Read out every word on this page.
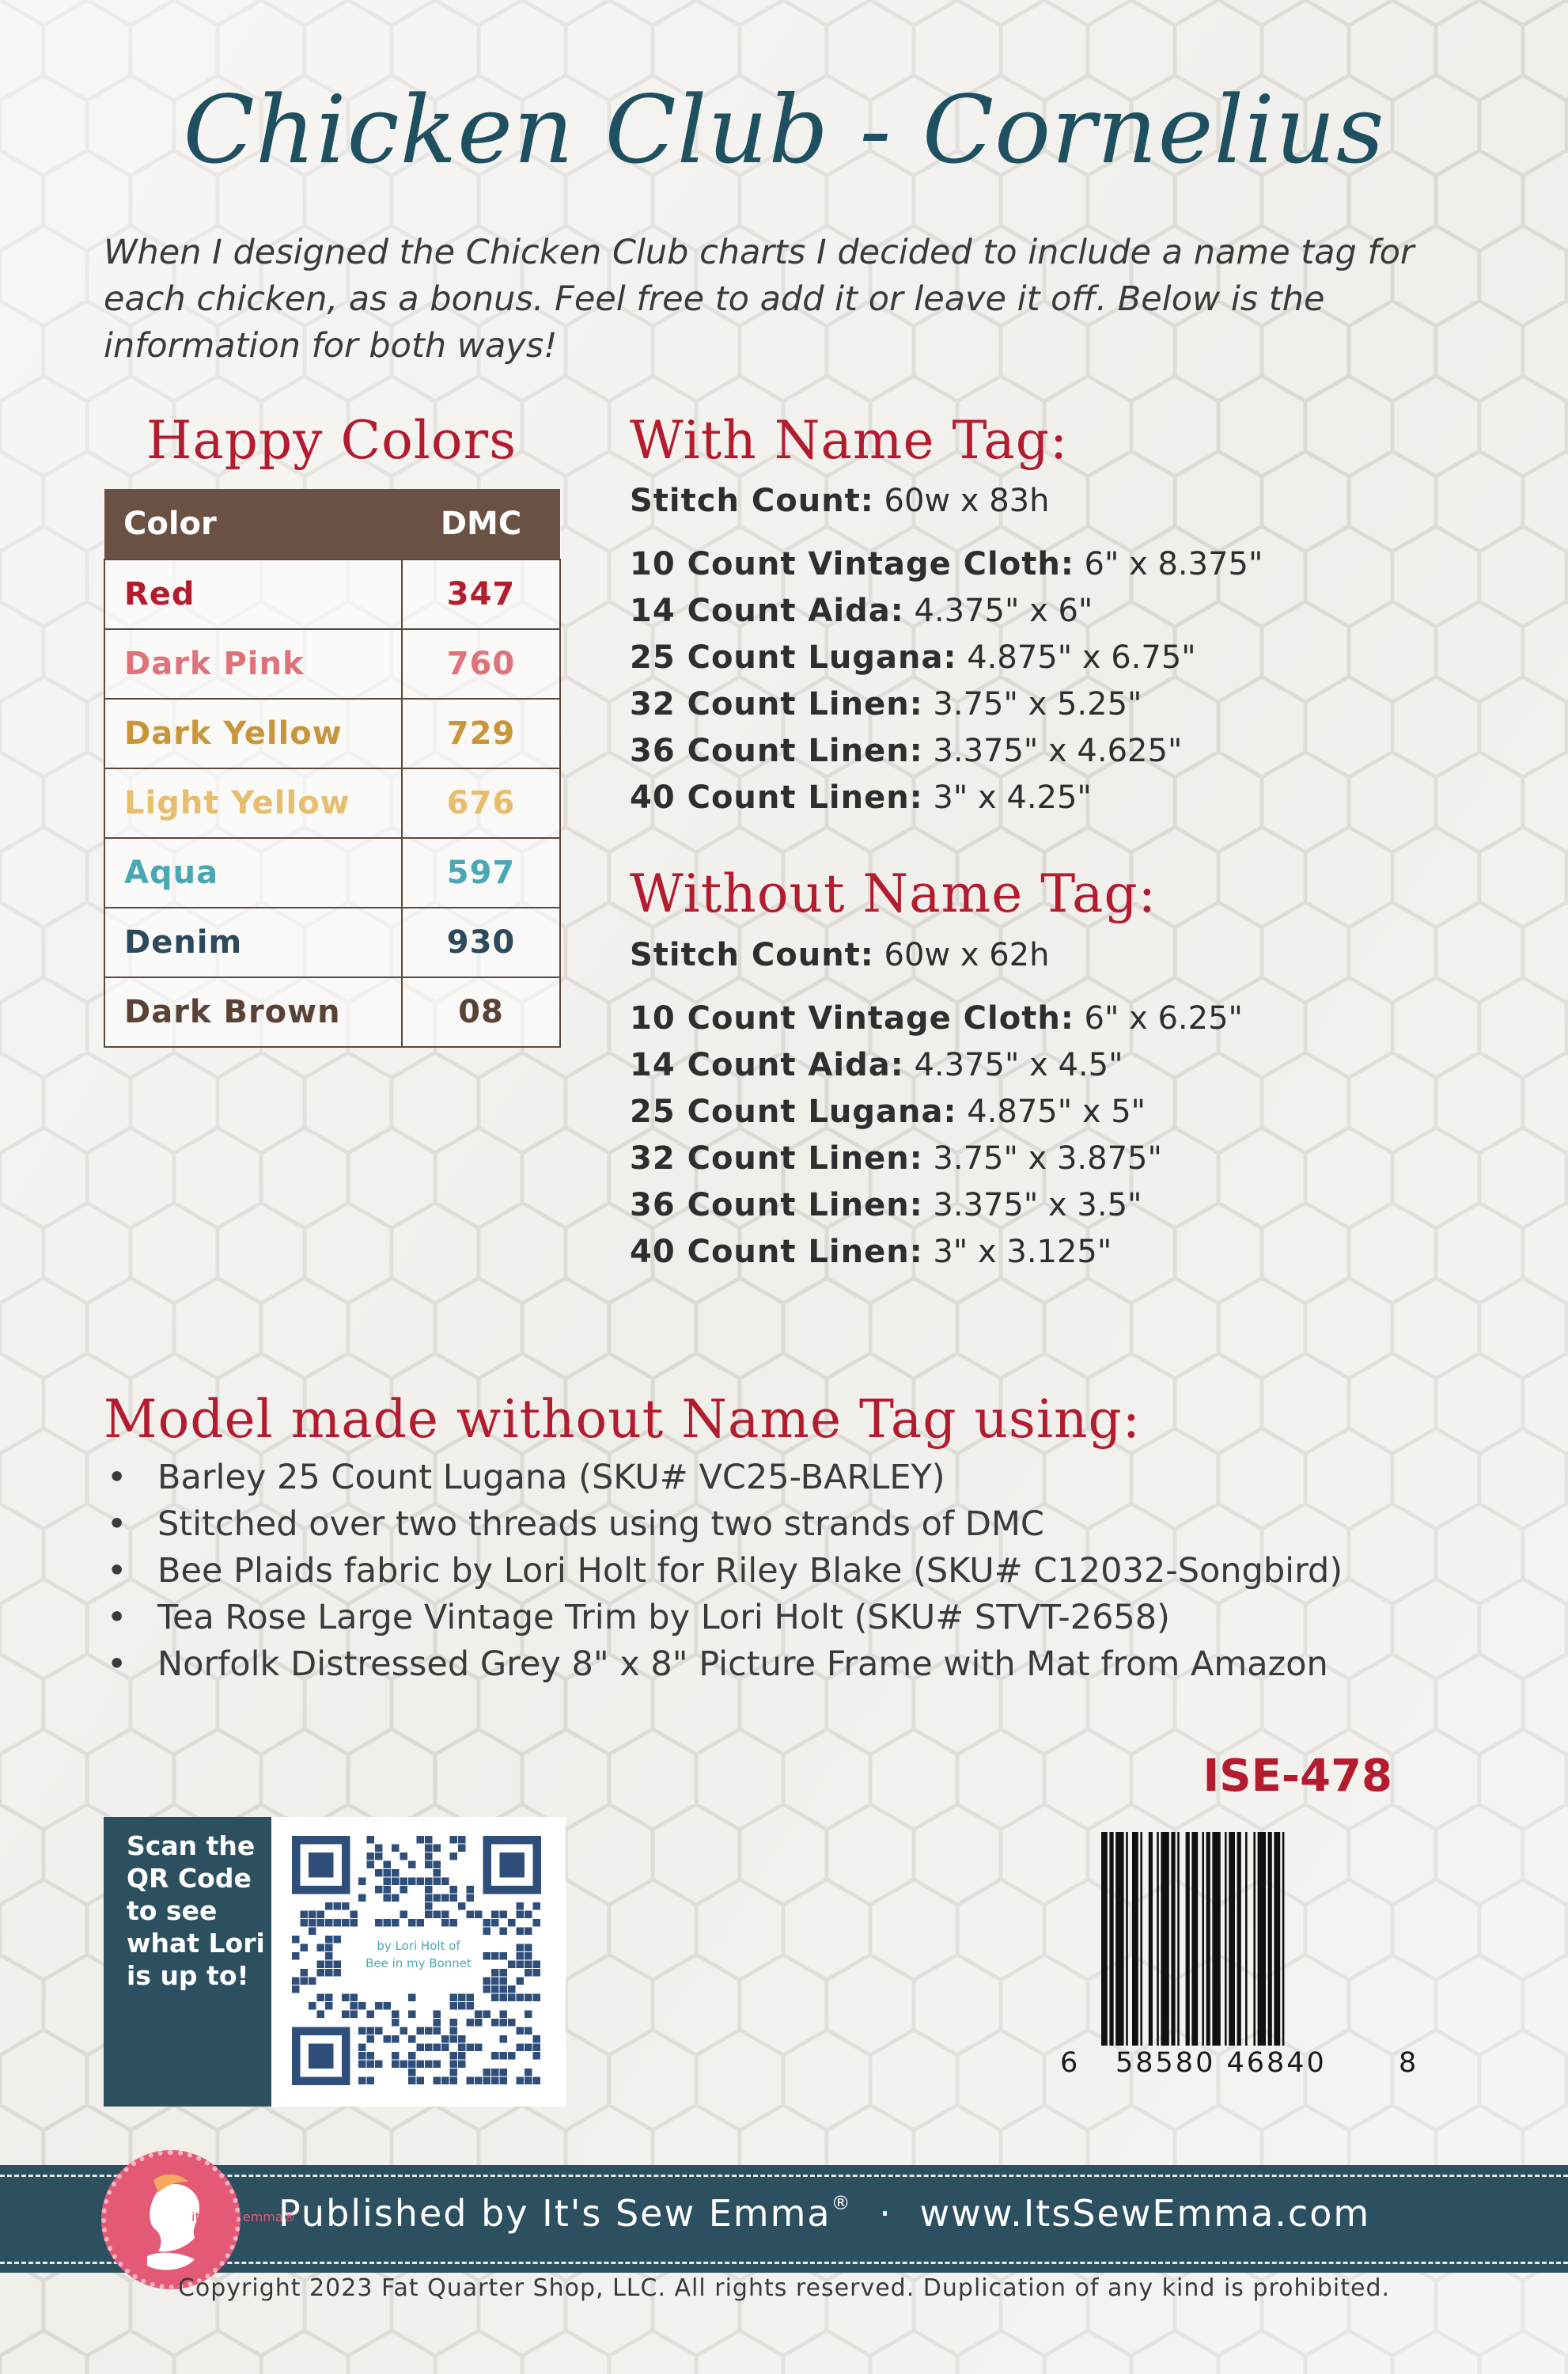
Chicken Club - Cornelius
When I designed the Chicken Club charts I decided to include a name tag for each chicken, as a bonus. Feel free to add it or leave it off. Below is the information for both ways!
Happy Colors
Color	DMC
Red	347
Dark Pink	760
Dark Yellow	729
Light Yellow	676
Aqua	597
Denim	930
Dark Brown	08
With Name Tag:
Stitch Count: 60w x 83h
10 Count Vintage Cloth: 6" x 8.375"
14 Count Aida: 4.375" x 6"
25 Count Lugana: 4.875" x 6.75"
32 Count Linen: 3.75" x 5.25"
36 Count Linen: 3.375" x 4.625"
40 Count Linen: 3" x 4.25"
Without Name Tag:
Stitch Count: 60w x 62h
10 Count Vintage Cloth: 6" x 6.25"
14 Count Aida: 4.375" x 4.5"
25 Count Lugana: 4.875" x 5"
32 Count Linen: 3.75" x 3.875"
36 Count Linen: 3.375" x 3.5"
40 Count Linen: 3" x 3.125"
Model made without Name Tag using:
• Barley 25 Count Lugana (SKU# VC25-BARLEY)
• Stitched over two threads using two strands of DMC
• Bee Plaids fabric by Lori Holt for Riley Blake (SKU# C12032-Songbird)
• Tea Rose Large Vintage Trim by Lori Holt (SKU# STVT-2658)
• Norfolk Distressed Grey 8" x 8" Picture Frame with Mat from Amazon
ISE-478
Scan the QR Code to see what Lori is up to!
by Lori Holt of
Bee in my Bonnet
6 58580 46840	8
Published by It's Sew Emma® · www.ItsSewEmma.com
it's sew emma®
Copyright 2023 Fat Quarter Shop, LLC. All rights reserved. Duplication of any kind is prohibited.
